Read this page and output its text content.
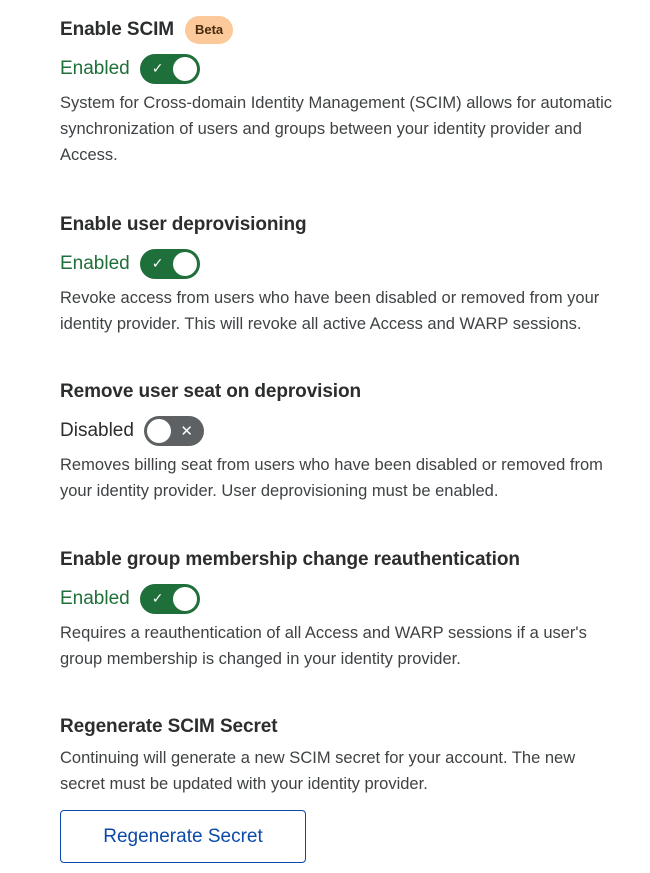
Enable SCIM	Beta
Enabled ✓
System for Cross-domain Identity Management (SCIM) allows for automatic synchronization of users and groups between your identity provider and Access.
Enable user deprovisioning
Enabled ✓
Revoke access from users who have been disabled or removed from your identity provider. This will revoke all active Access and WARP sessions.
Remove user seat on deprovision
Disabled	✕
Removes billing seat from users who have been disabled or removed from your identity provider. User deprovisioning must be enabled.
Enable group membership change reauthentication
Enabled ✓
Requires a reauthentication of all Access and WARP sessions if a user's group membership is changed in your identity provider.
Regenerate SCIM Secret
Continuing will generate a new SCIM secret for your account. The new secret must be updated with your identity provider.
Regenerate Secret
